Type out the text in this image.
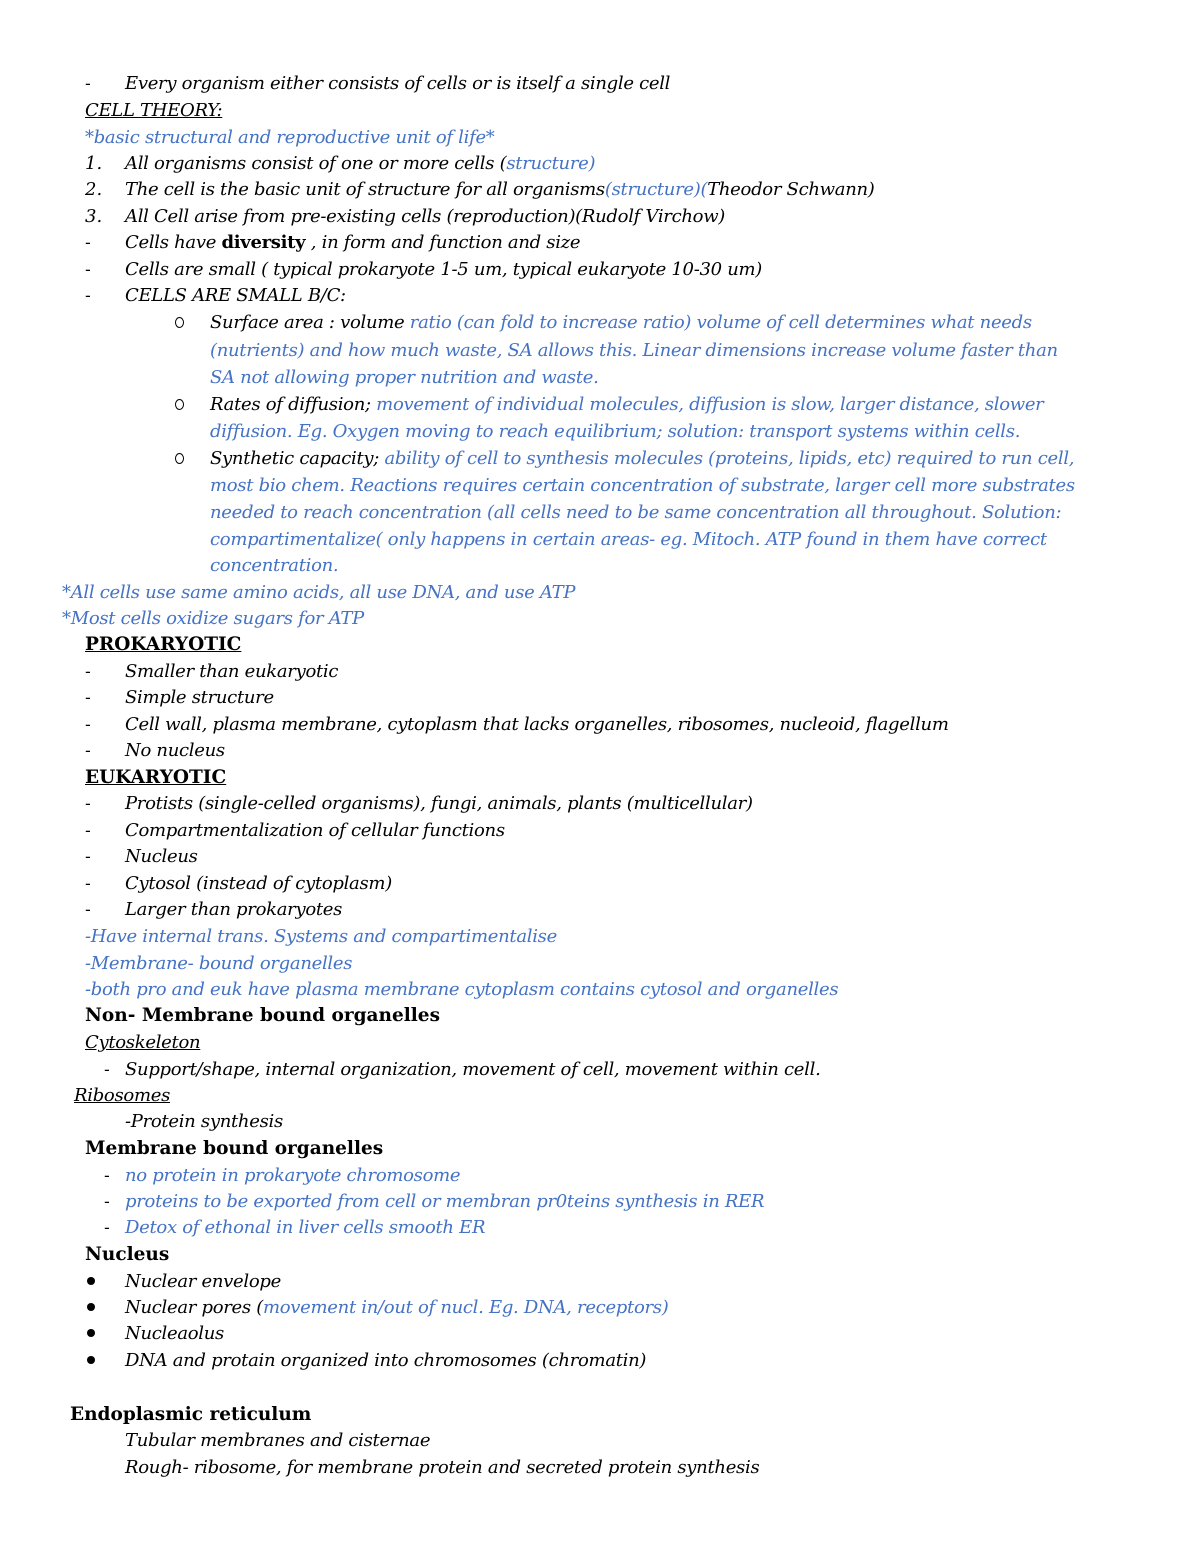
- Every organism either consists of cells or is itself a single cell
CELL THEORY:
*basic structural and reproductive unit of life*
1. All organisms consist of one or more cells (structure)
2. The cell is the basic unit of structure for all organisms(structure)(Theodor Schwann)
3. All Cell arise from pre-existing cells (reproduction)(Rudolf Virchow)
- Cells have diversity , in form and function and size
- Cells are small ( typical prokaryote 1-5 um, typical eukaryote 10-30 um)
- CELLS ARE SMALL B/C:
Surface area : volume ratio (can fold to increase ratio) volume of cell determines what needs
(nutrients) and how much waste, SA allows this. Linear dimensions increase volume faster than
SA not allowing proper nutrition and waste.
Rates of diffusion; movement of individual molecules, diffusion is slow, larger distance, slower
diffusion. Eg. Oxygen moving to reach equilibrium; solution: transport systems within cells.
Synthetic capacity; ability of cell to synthesis molecules (proteins, lipids, etc) required to run cell,
most bio chem. Reactions requires certain concentration of substrate, larger cell more substrates
needed to reach concentration (all cells need to be same concentration all throughout. Solution:
compartimentalize( only happens in certain areas- eg. Mitoch. ATP found in them have correct
concentration.
*All cells use same amino acids, all use DNA, and use ATP
*Most cells oxidize sugars for ATP
PROKARYOTIC
- Smaller than eukaryotic
- Simple structure
- Cell wall, plasma membrane, cytoplasm that lacks organelles, ribosomes, nucleoid, flagellum
- No nucleus
EUKARYOTIC
- Protists (single-celled organisms), fungi, animals, plants (multicellular)
- Compartmentalization of cellular functions
- Nucleus
- Cytosol (instead of cytoplasm)
- Larger than prokaryotes
-Have internal trans. Systems and compartimentalise
-Membrane- bound organelles
-both pro and euk have plasma membrane cytoplasm contains cytosol and organelles
Non- Membrane bound organelles
Cytoskeleton
- Support/shape, internal organization, movement of cell, movement within cell.
Ribosomes
-Protein synthesis
Membrane bound organelles
- no protein in prokaryote chromosome
- proteins to be exported from cell or membran pr0teins synthesis in RER
- Detox of ethonal in liver cells smooth ER
Nucleus
Nuclear envelope
Nuclear pores (movement in/out of nucl. Eg. DNA, receptors)
Nucleaolus
DNA and protain organized into chromosomes (chromatin)
Endoplasmic reticulum
Tubular membranes and cisternae
Rough- ribosome, for membrane protein and secreted protein synthesis
